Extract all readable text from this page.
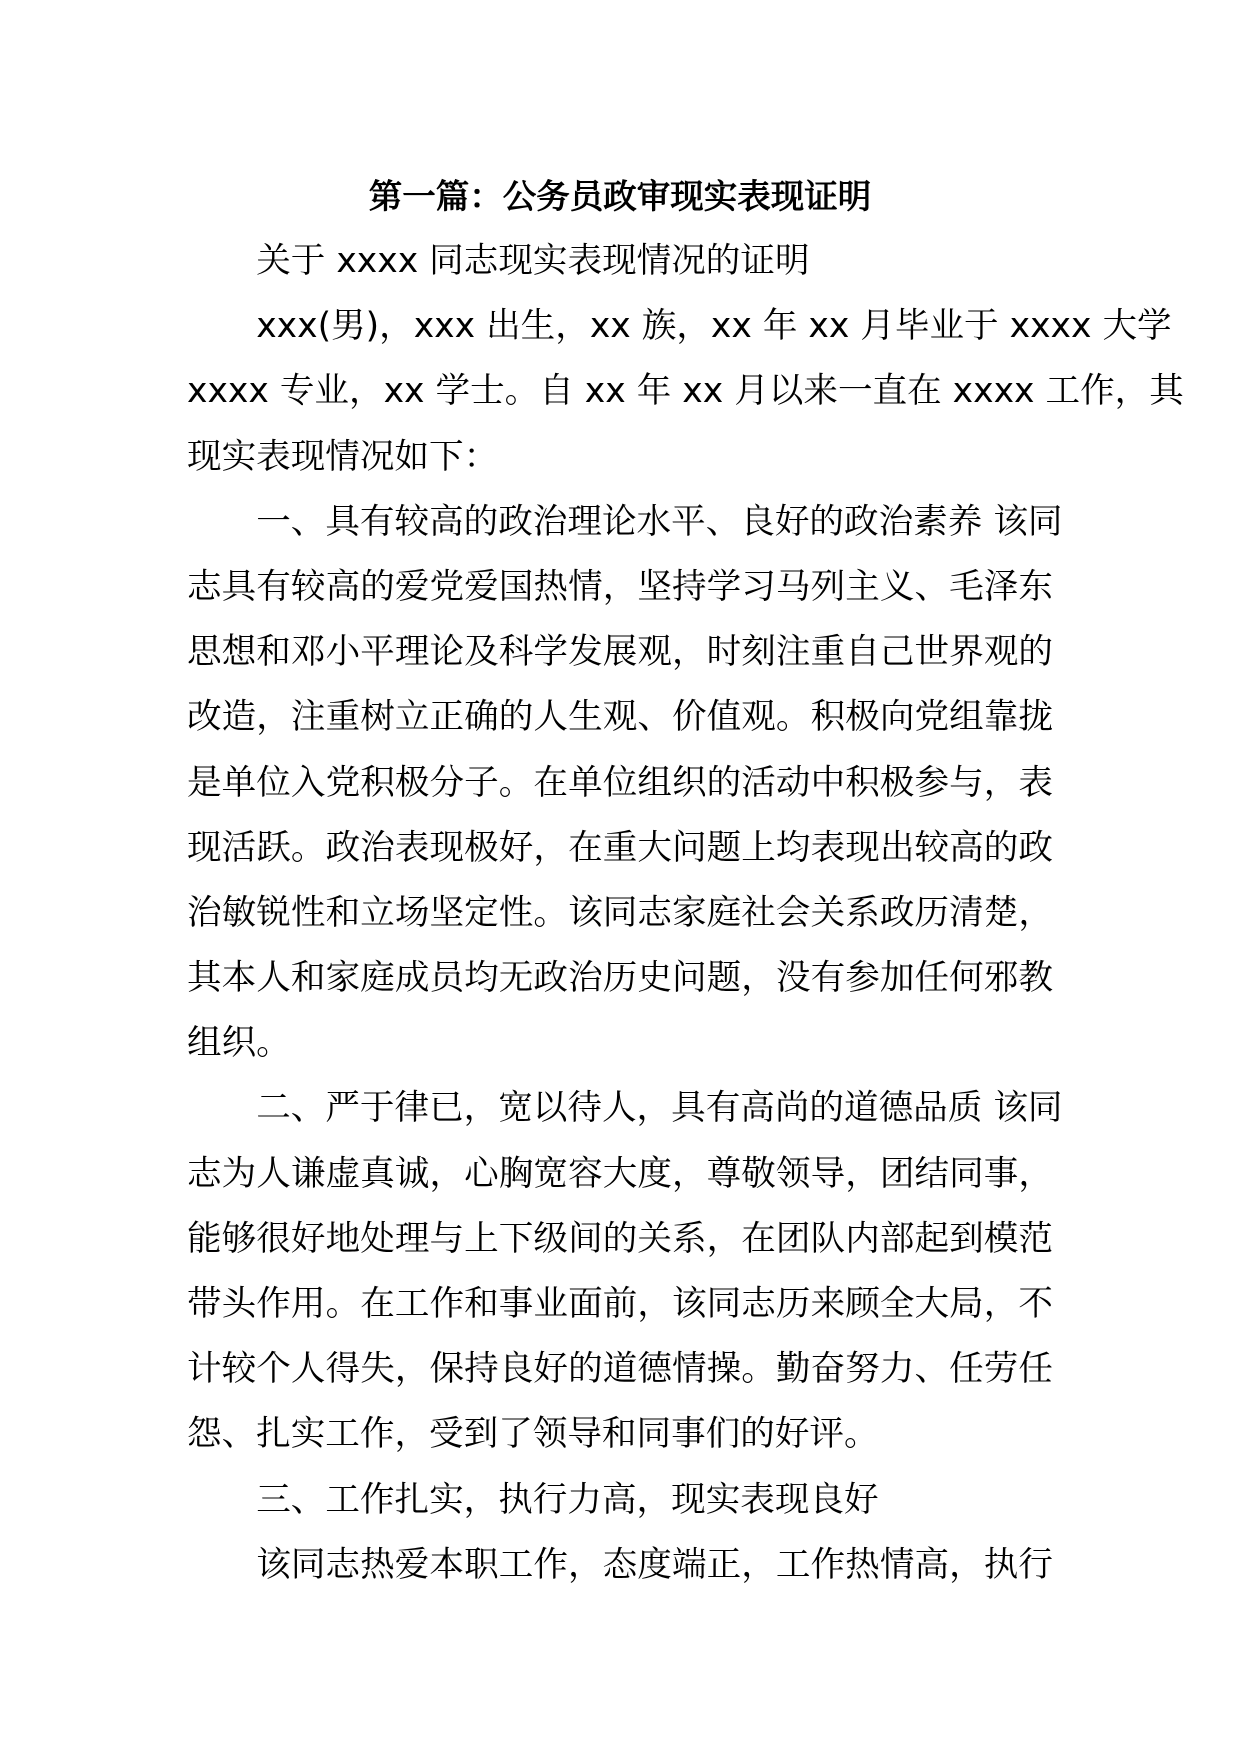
第一篇：公务员政审现实表现证明
关于 xxxx 同志现实表现情况的证明
xxx(男)，xxx 出生，xx 族，xx 年 xx 月毕业于 xxxx 大学
xxxx 专业，xx 学士。自 xx 年 xx 月以来一直在 xxxx 工作，其
现实表现情况如下：
一、具有较高的政治理论水平、良好的政治素养 该同
志具有较高的爱党爱国热情，坚持学习马列主义、毛泽东
思想和邓小平理论及科学发展观，时刻注重自己世界观的
改造，注重树立正确的人生观、价值观。积极向党组靠拢
是单位入党积极分子。在单位组织的活动中积极参与，表
现活跃。政治表现极好，在重大问题上均表现出较高的政
治敏锐性和立场坚定性。该同志家庭社会关系政历清楚，
其本人和家庭成员均无政治历史问题，没有参加任何邪教
组织。
二、严于律已，宽以待人，具有高尚的道德品质 该同
志为人谦虚真诚，心胸宽容大度，尊敬领导，团结同事，
能够很好地处理与上下级间的关系，在团队内部起到模范
带头作用。在工作和事业面前，该同志历来顾全大局，不
计较个人得失，保持良好的道德情操。勤奋努力、任劳任
怨、扎实工作，受到了领导和同事们的好评。
三、工作扎实，执行力高，现实表现良好
该同志热爱本职工作，态度端正，工作热情高，执行
